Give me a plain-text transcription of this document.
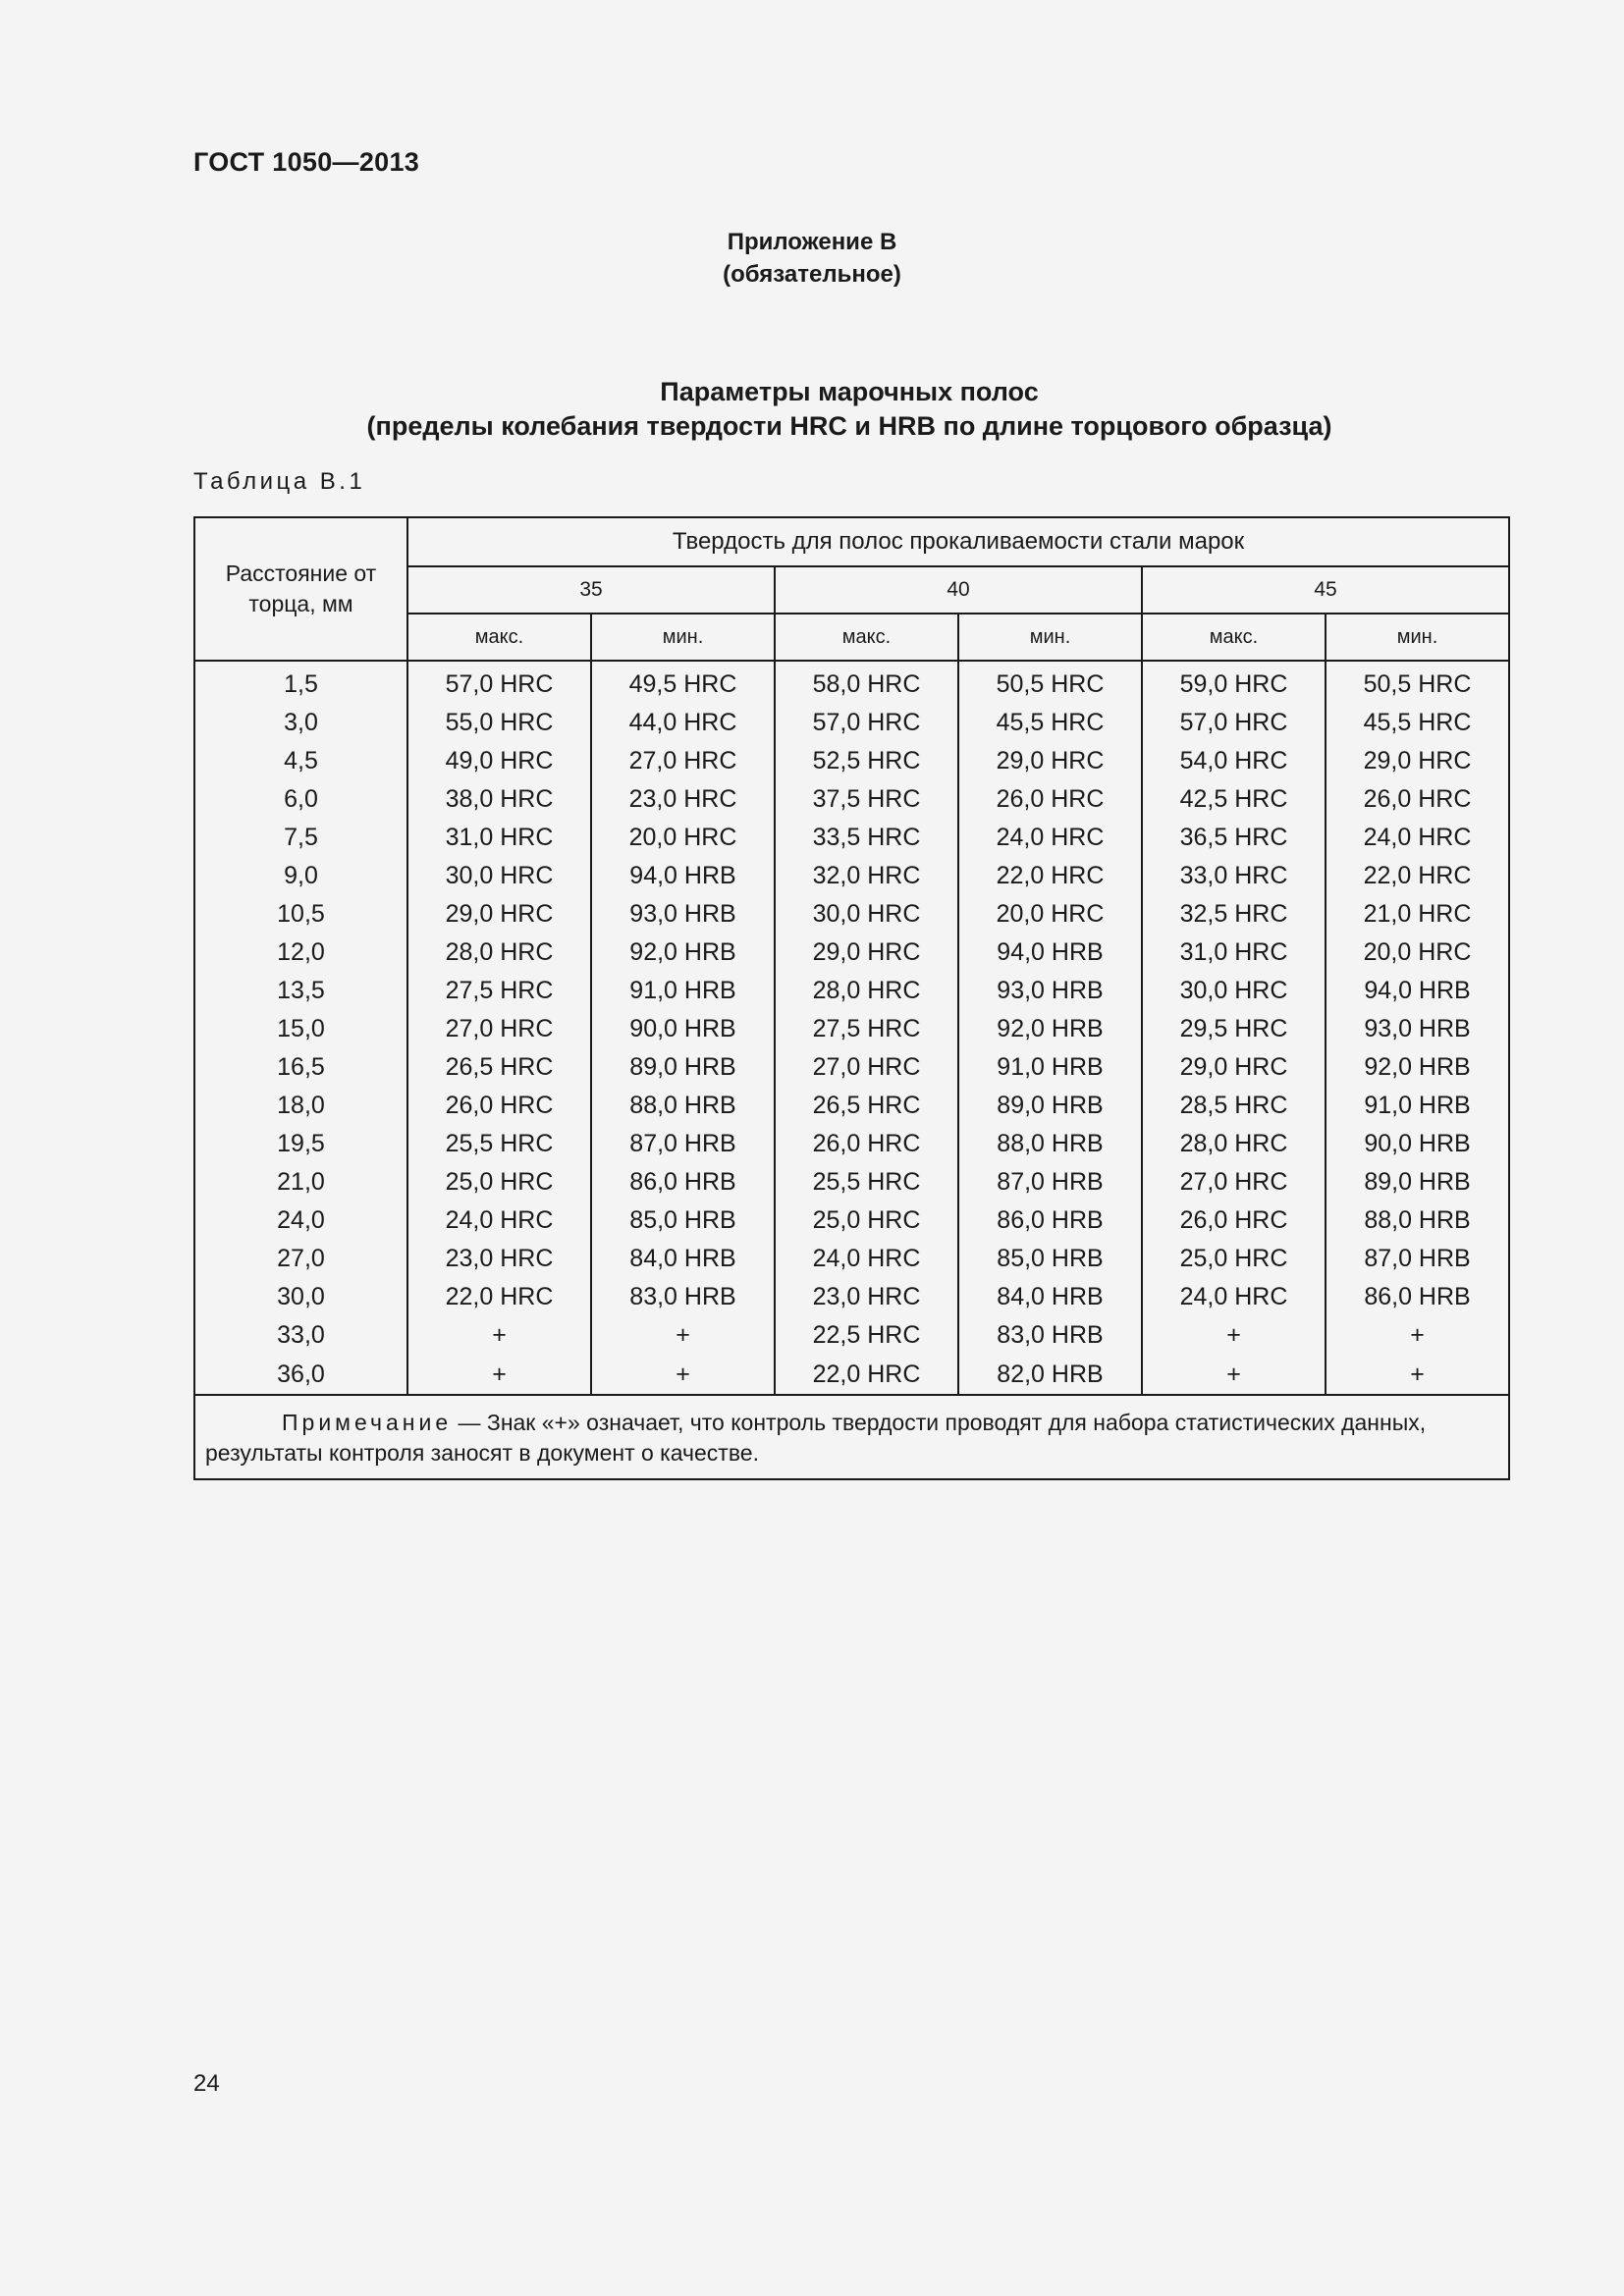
ГОСТ 1050—2013
Приложение В
(обязательное)
Параметры марочных полос
(пределы колебания твердости HRC и HRB по длине торцового образца)
Таблица В.1
Расстояние от торца, мм	Твердость для полос прокаливаемости стали марок					
	35		40		45	
	макс.	мин.	макс.	мин.	макс.	мин.

1,5	57,0 HRC	49,5 HRC	58,0 HRC	50,5 HRC	59,0 HRC	50,5 HRC
3,0	55,0 HRC	44,0 HRC	57,0 HRC	45,5 HRC	57,0 HRC	45,5 HRC
4,5	49,0 HRC	27,0 HRC	52,5 HRC	29,0 HRC	54,0 HRC	29,0 HRC
6,0	38,0 HRC	23,0 HRC	37,5 HRC	26,0 HRC	42,5 HRC	26,0 HRC
7,5	31,0 HRC	20,0 HRC	33,5 HRC	24,0 HRC	36,5 HRC	24,0 HRC
9,0	30,0 HRC	94,0 HRB	32,0 HRC	22,0 HRC	33,0 HRC	22,0 HRC
10,5	29,0 HRC	93,0 HRB	30,0 HRC	20,0 HRC	32,5 HRC	21,0 HRC
12,0	28,0 HRC	92,0 HRB	29,0 HRC	94,0 HRB	31,0 HRC	20,0 HRC
13,5	27,5 HRC	91,0 HRB	28,0 HRC	93,0 HRB	30,0 HRC	94,0 HRB
15,0	27,0 HRC	90,0 HRB	27,5 HRC	92,0 HRB	29,5 HRC	93,0 HRB
16,5	26,5 HRC	89,0 HRB	27,0 HRC	91,0 HRB	29,0 HRC	92,0 HRB
18,0	26,0 HRC	88,0 HRB	26,5 HRC	89,0 HRB	28,5 HRC	91,0 HRB
19,5	25,5 HRC	87,0 HRB	26,0 HRC	88,0 HRB	28,0 HRC	90,0 HRB
21,0	25,0 HRC	86,0 HRB	25,5 HRC	87,0 HRB	27,0 HRC	89,0 HRB
24,0	24,0 HRC	85,0 HRB	25,0 HRC	86,0 HRB	26,0 HRC	88,0 HRB
27,0	23,0 HRC	84,0 HRB	24,0 HRC	85,0 HRB	25,0 HRC	87,0 HRB
30,0	22,0 HRC	83,0 HRB	23,0 HRC	84,0 HRB	24,0 HRC	86,0 HRB
33,0	+	+	22,5 HRC	83,0 HRB	+	+
36,0	+	+	22,0 HRC	82,0 HRB	+	+
Примечание — Знак «+» означает, что контроль твердости проводят для набора статистических данных, результаты контроля заносят в документ о качестве.						
24
